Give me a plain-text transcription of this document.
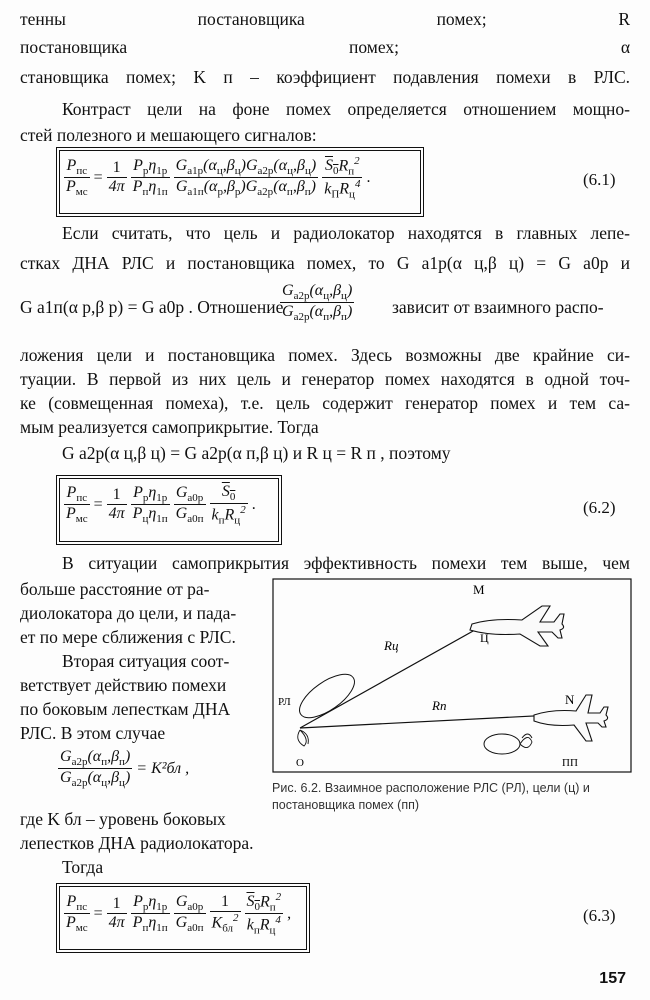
тенны постановщика помех; R
постановщика помех; α
становщика помех; K п – коэффициент подавления помехи в РЛС.
Контраст цели на фоне помех определяется отношением мощно-
стей полезного и мешающего сигналов:
$\frac{P_{пс}}{P_{мс}} = \frac{1}{4\pi} \frac{P_р\eta_{1р}}{P_п\eta_{1п}} \frac{G_{a1р}(\alpha_ц,\beta_ц)G_{a2р}(\alpha_ц,\beta_ц)}{G_{a1п}(\alpha_р,\beta_р)G_{a2р}(\alpha_п,\beta_п)} \frac{S_0R_п^2}{k_ПR_ц^4}$ .	(6.1)
Если считать, что цель и радиолокатор находятся в главных лепе-
стках ДНА РЛС и постановщика помех, то G a1р(α ц,β ц) = G a0р и
G a1п(α р,β р) = G a0р . Отношение
$\frac{G_{a2р}(\alpha_ц,\beta_ц)}{G_{a2р}(\alpha_п,\beta_п)}$ зависит от взаимного распо-
ложения цели и постановщика помех. Здесь возможны две крайние си-
туации. В первой из них цель и генератор помех находятся в одной точ-
ке (совмещенная помеха), т.е. цель содержит генератор помех и тем са-
мым реализуется самоприкрытие. Тогда
G a2р(α ц,β ц) = G a2р(α п,β ц) и R ц = R п , поэтому
$\frac{P_{пс}}{P_{мс}} = \frac{1}{4\pi} \frac{P_р\eta_{1р}}{P_ц\eta_{1п}} \frac{G_{a0р}}{G_{a0п}} \frac{S_0}{k_пR_ц^2}$ .	(6.2)
В ситуации самоприкрытия эффективность помехи тем выше, чем
больше расстояние от ра-
диолокатора до цели, и пада-
ет по мере сближения с РЛС.
Вторая ситуация соот-
ветствует действию помехи
по боковым лепесткам ДНА
РЛС. В этом случае
$\frac{G_{a2р}(\alpha_п,\beta_п)}{G_{a2р}(\alpha_ц,\beta_ц)} = K^2бл$ ,
где K бл – уровень боковых
лепестков ДНА радиолокатора.
Тогда
$\frac{P_{пс}}{P_{мс}} = \frac{1}{4\pi} \frac{P_р\eta_{1р}}{P_п\eta_{1п}} \frac{G_{a0р}}{G_{a0п}} \frac{1}{K_{бл}^2} \frac{S_0R_п^2}{k_пR_ц^4}$ ,	(6.3)
M
Ц
Rц
Rп	N
ПП
РЛ
O
Рис. 6.2. Взаимное расположение РЛС (РЛ), цели (ц) и постановщика помех (пп)
157
